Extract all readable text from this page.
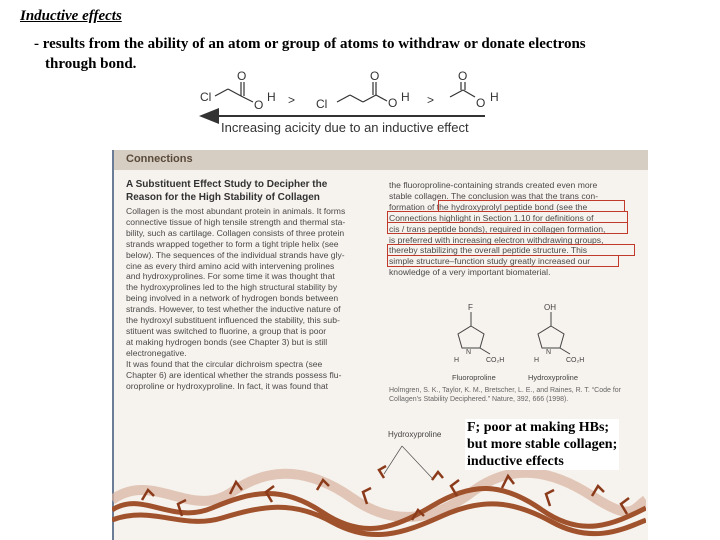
Inductive effects
- results from the ability of an atom or group of atoms to withdraw or donate electrons
through bond.
Cl
O
O
H > Cl
O
O H >
O
O H
Increasing acicity due to an inductive effect
Connections
A Substituent Effect Study to Decipher the Reason for the High Stability of Collagen
Collagen is the most abundant protein in animals. It forms
connective tissue of high tensile strength and thermal sta-
bility, such as cartilage. Collagen consists of three protein
strands wrapped together to form a tight triple helix (see
below). The sequences of the individual strands have gly-
cine as every third amino acid with intervening prolines
and hydroxyprolines. For some time it was thought that
the hydroxyprolines led to the high structural stability by
being involved in a network of hydrogen bonds between
strands. However, to test whether the inductive nature of
the hydroxyl substituent influenced the stability, this sub-
stituent was switched to fluorine, a group that is poor
at making hydrogen bonds (see Chapter 3) but is still
electronegative.
It was found that the circular dichroism spectra (see
Chapter 6) are identical whether the strands possess flu-
oroproline or hydroxyproline. In fact, it was found that
the fluoroproline-containing strands created even more
stable collagen. The conclusion was that the trans con-
formation of the hydroxyprolyl peptide bond (see the
Connections highlight in Section 1.10 for definitions of
cis / trans peptide bonds), required in collagen formation,
is preferred with increasing electron withdrawing groups,
thereby stabilizing the overall peptide structure. This
simple structure–function study greatly increased our
knowledge of a very important biomaterial.
F
N
H	CO₂H
Fluoroproline
OH
N
H	CO₂H
Hydroxyproline
Holmgren, S. K., Taylor, K. M., Bretscher, L. E., and Raines, R. T. “Code for Collagen’s Stability Deciphered.” Nature, 392, 666 (1998).
Hydroxyproline F; poor at making HBs;
but more stable collagen;
inductive effects
